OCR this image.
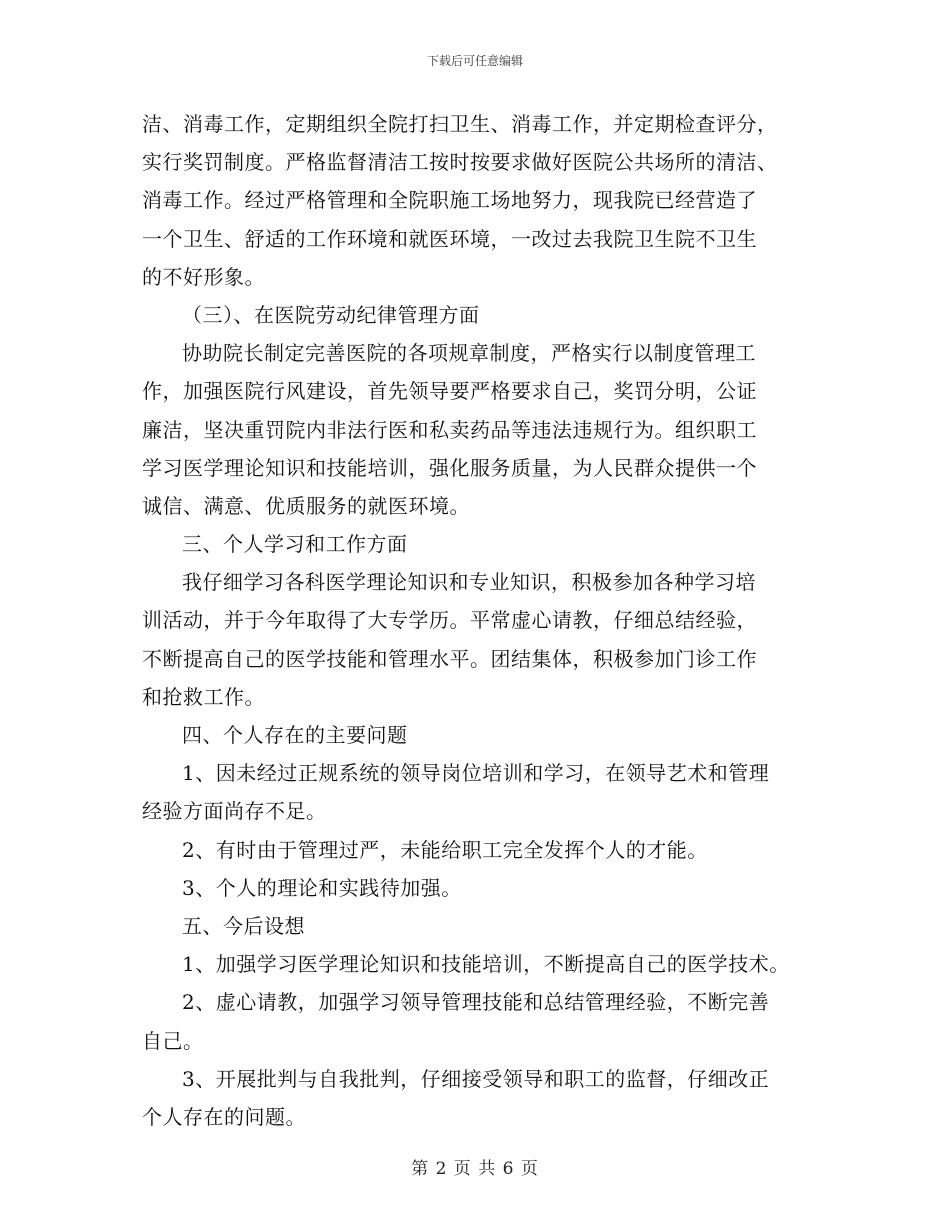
下载后可任意编辑
洁、消毒工作，定期组织全院打扫卫生、消毒工作，并定期检查评分，
实行奖罚制度。严格监督清洁工按时按要求做好医院公共场所的清洁、
消毒工作。经过严格管理和全院职施工场地努力，现我院已经营造了
一个卫生、舒适的工作环境和就医环境，一改过去我院卫生院不卫生
的不好形象。
（三）、在医院劳动纪律管理方面
协助院长制定完善医院的各项规章制度，严格实行以制度管理工
作，加强医院行风建设，首先领导要严格要求自己，奖罚分明，公证
廉洁，坚决重罚院内非法行医和私卖药品等违法违规行为。组织职工
学习医学理论知识和技能培训，强化服务质量，为人民群众提供一个
诚信、满意、优质服务的就医环境。
三、个人学习和工作方面
我仔细学习各科医学理论知识和专业知识，积极参加各种学习培
训活动，并于今年取得了大专学历。平常虚心请教，仔细总结经验，
不断提高自己的医学技能和管理水平。团结集体，积极参加门诊工作
和抢救工作。
四、个人存在的主要问题
1、因未经过正规系统的领导岗位培训和学习，在领导艺术和管理
经验方面尚存不足。
2、有时由于管理过严，未能给职工完全发挥个人的才能。
3、个人的理论和实践待加强。
五、今后设想
1、加强学习医学理论知识和技能培训，不断提高自己的医学技术。
2、虚心请教，加强学习领导管理技能和总结管理经验，不断完善
自己。
3、开展批判与自我批判，仔细接受领导和职工的监督，仔细改正
个人存在的问题。
第 2 页 共 6 页
